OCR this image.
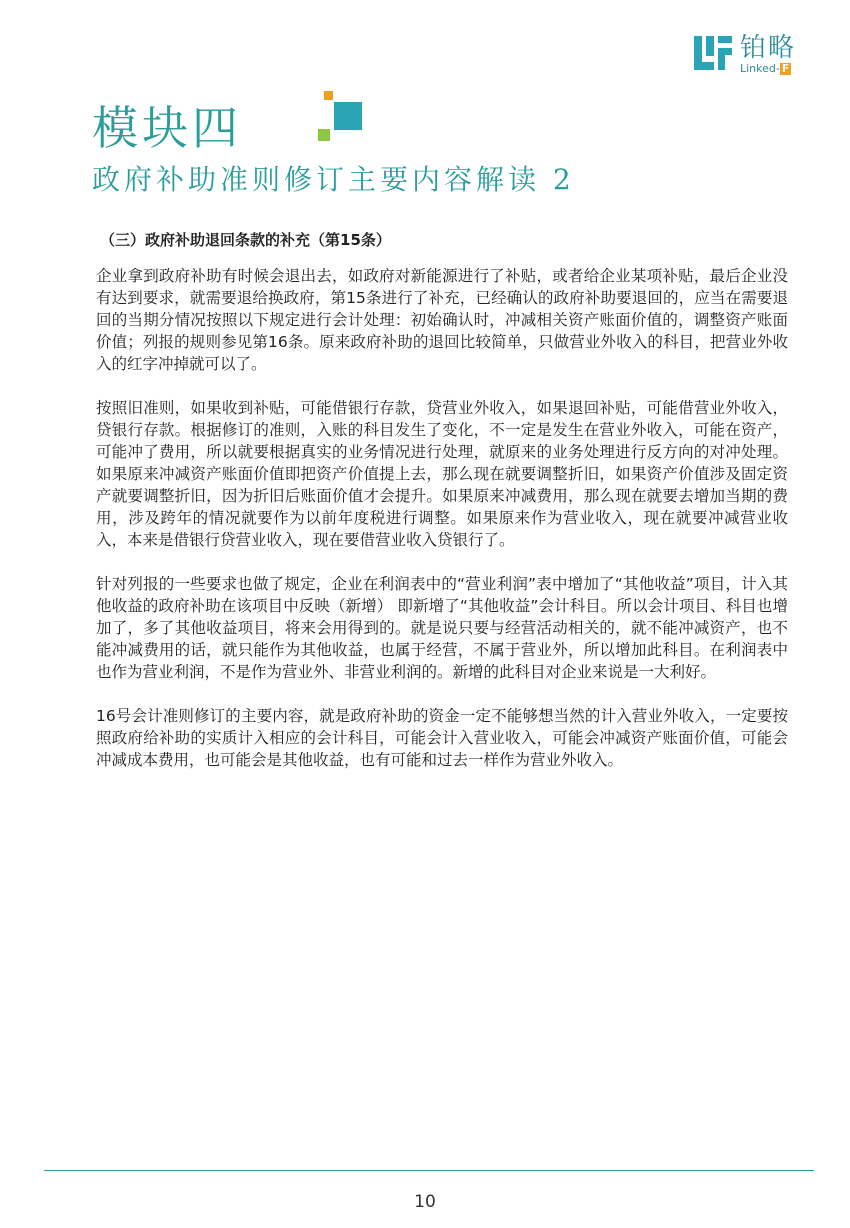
铂略
Linked- F
模块四
政府补助准则修订主要内容解读 2
（三）政府补助退回条款的补充（第15条）

企业拿到政府补助有时候会退出去，如政府对新能源进行了补贴，或者给企业某项补贴，最后企业没有达到要求，就需要退给换政府，第15条进行了补充，已经确认的政府补助要退回的，应当在需要退回的当期分情况按照以下规定进行会计处理：初始确认时，冲减相关资产账面价值的，调整资产账面价值；列报的规则参见第16条。原来政府补助的退回比较简单，只做营业外收入的科目，把营业外收入的红字冲掉就可以了。

按照旧准则，如果收到补贴，可能借银行存款，贷营业外收入，如果退回补贴，可能借营业外收入，贷银行存款。根据修订的准则，入账的科目发生了变化，不一定是发生在营业外收入，可能在资产，可能冲了费用，所以就要根据真实的业务情况进行处理，就原来的业务处理进行反方向的对冲处理。如果原来冲减资产账面价值即把资产价值提上去，那么现在就要调整折旧，如果资产价值涉及固定资产就要调整折旧，因为折旧后账面价值才会提升。如果原来冲减费用，那么现在就要去增加当期的费用，涉及跨年的情况就要作为以前年度税进行调整。如果原来作为营业收入，现在就要冲减营业收入，本来是借银行贷营业收入，现在要借营业收入贷银行了。

针对列报的一些要求也做了规定，企业在利润表中的“营业利润”表中增加了“其他收益”项目，计入其他收益的政府补助在该项目中反映（新增） 即新增了“其他收益”会计科目。所以会计项目、科目也增加了，多了其他收益项目，将来会用得到的。就是说只要与经营活动相关的，就不能冲减资产，也不能冲减费用的话，就只能作为其他收益，也属于经营，不属于营业外，所以增加此科目。在利润表中也作为营业利润，不是作为营业外、非营业利润的。新增的此科目对企业来说是一大利好。

16号会计准则修订的主要内容，就是政府补助的资金一定不能够想当然的计入营业外收入，一定要按照政府给补助的实质计入相应的会计科目，可能会计入营业收入，可能会冲减资产账面价值，可能会冲减成本费用，也可能会是其他收益，也有可能和过去一样作为营业外收入。

10
